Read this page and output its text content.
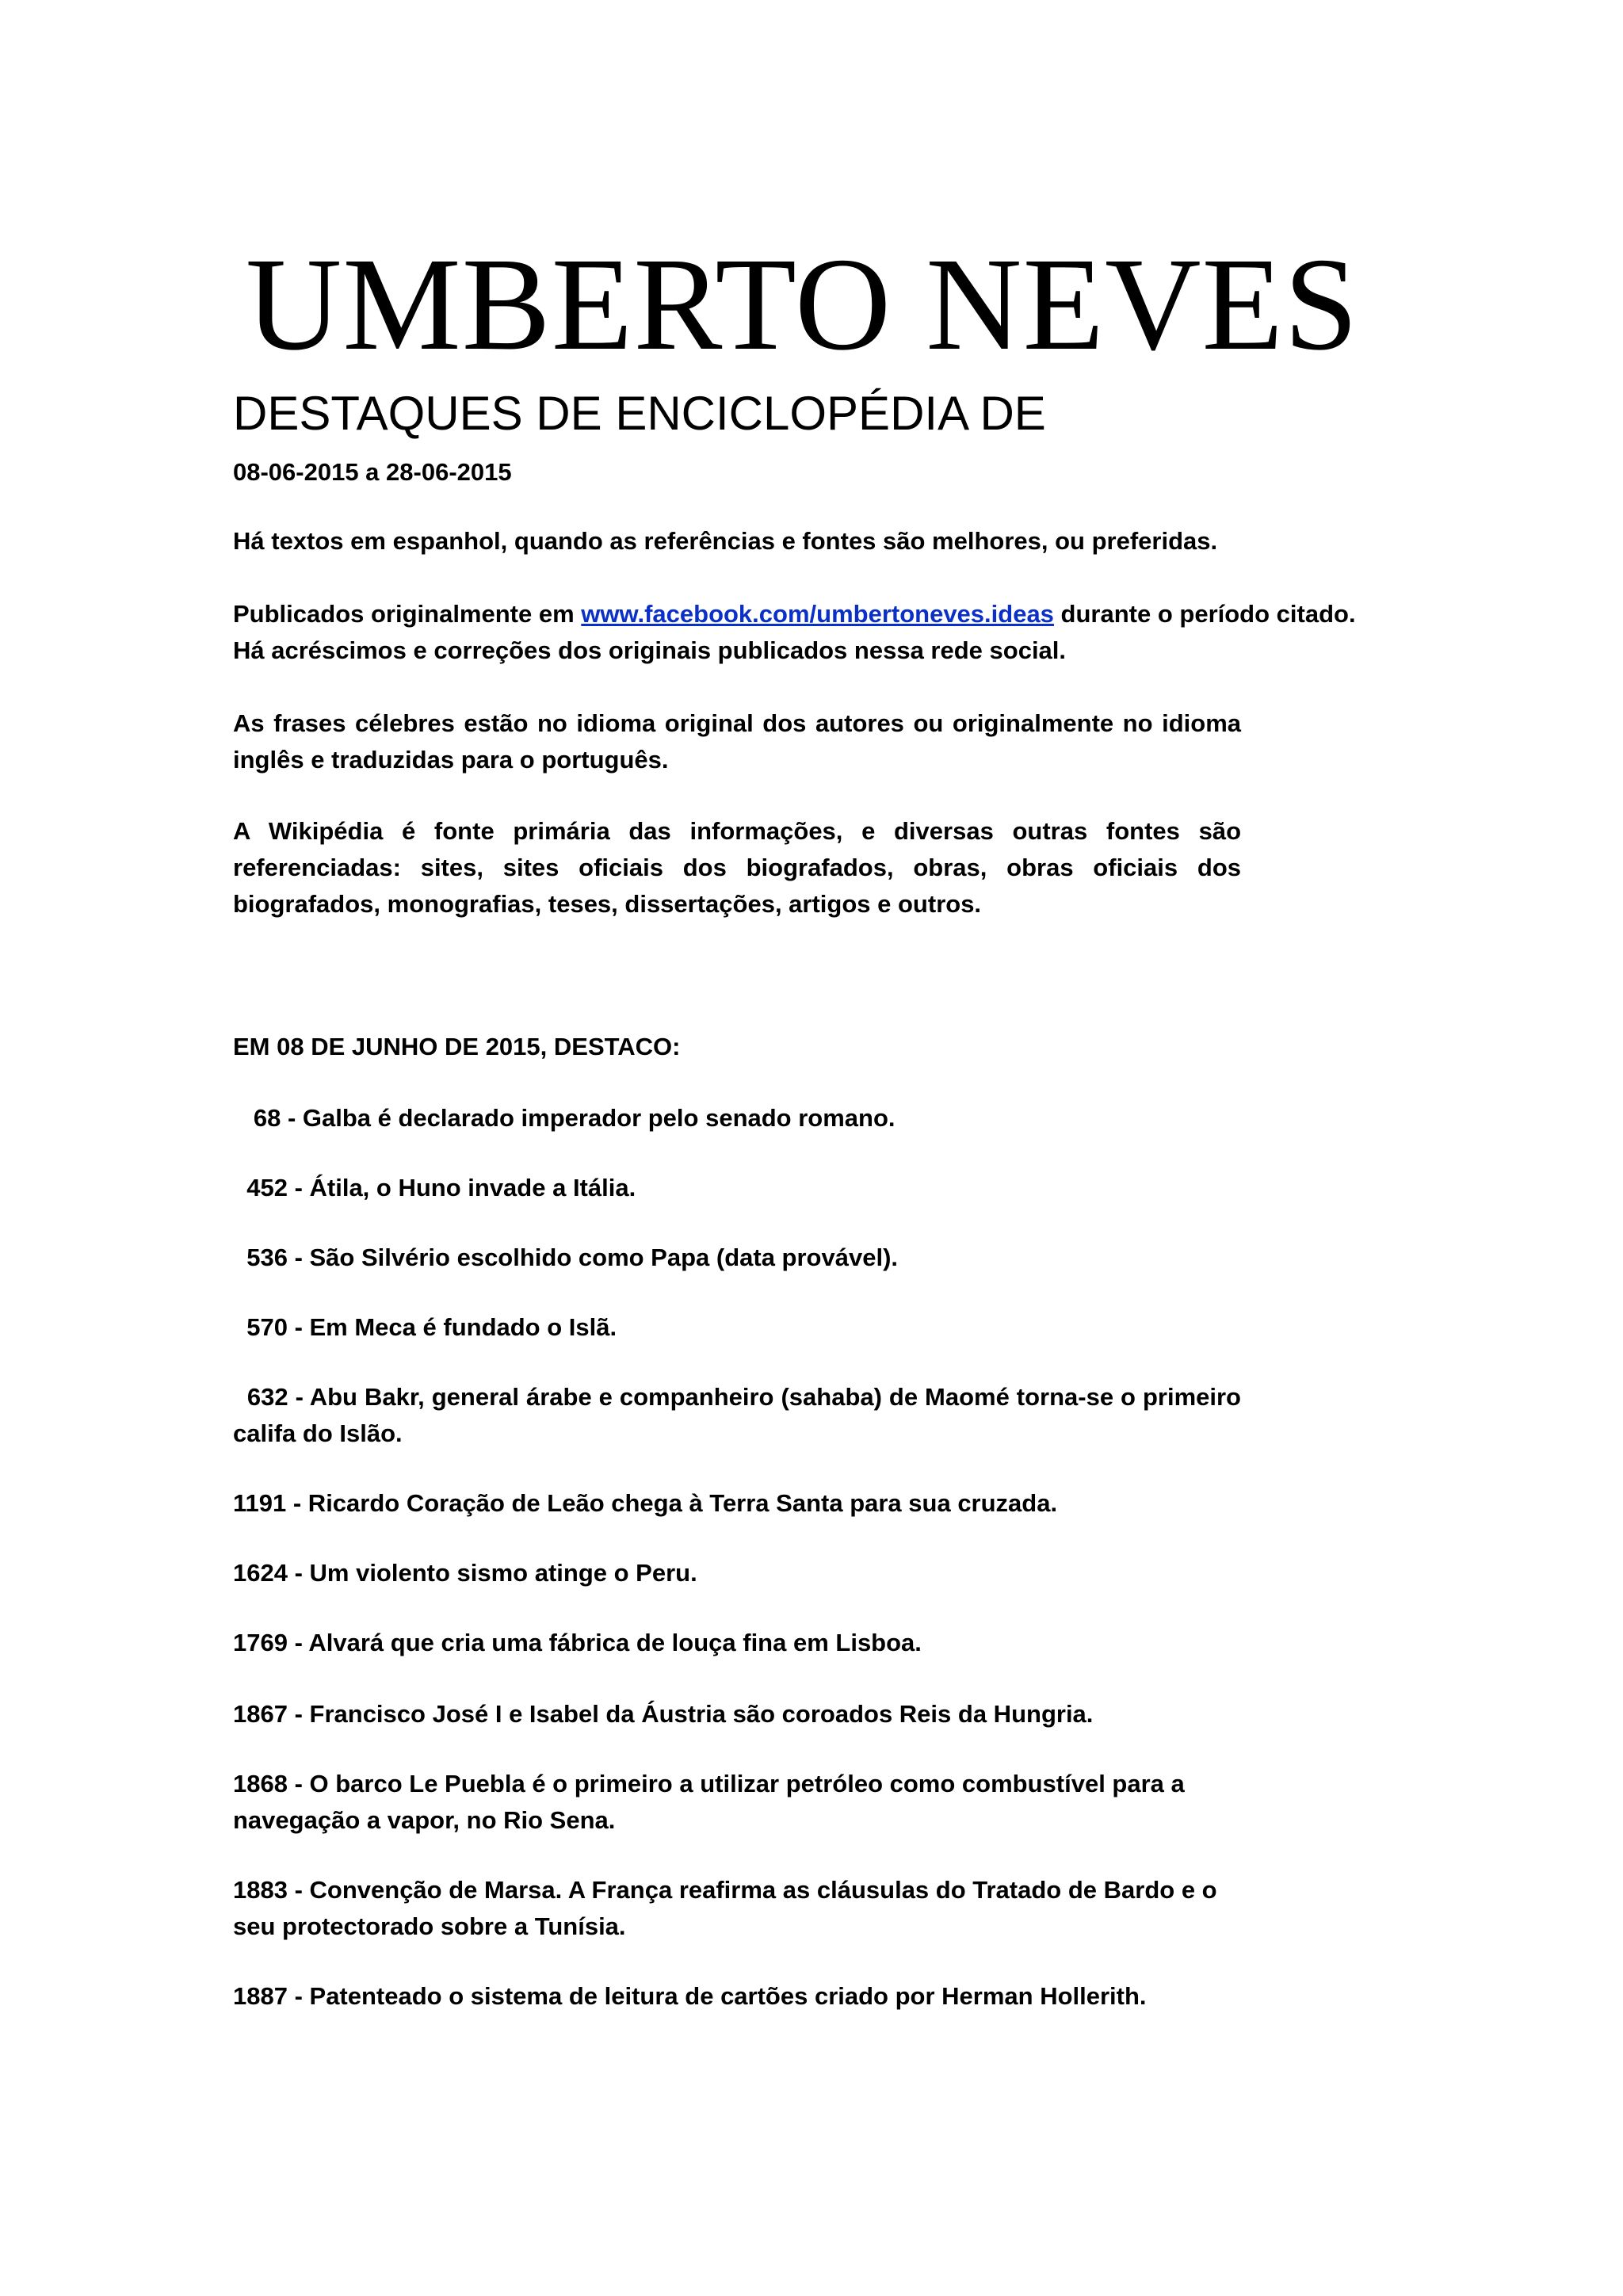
UMBERTO NEVES
DESTAQUES DE ENCICLOPÉDIA DE
08-06-2015 a 28-06-2015

Há textos em espanhol, quando as referências e fontes são melhores, ou preferidas.

Publicados originalmente em www.facebook.com/umbertoneves.ideas durante o período citado. Há acréscimos e correções dos originais publicados nessa rede social.

As frases célebres estão no idioma original dos autores ou originalmente no idioma inglês e traduzidas para o português.

A Wikipédia é fonte primária das informações, e diversas outras fontes são referenciadas: sites, sites oficiais dos biografados, obras, obras oficiais dos biografados, monografias, teses, dissertações, artigos e outros.

EM 08 DE JUNHO DE 2015, DESTACO:

68 - Galba é declarado imperador pelo senado romano.

452 - Átila, o Huno invade a Itália.

536 - São Silvério escolhido como Papa (data provável).

570 - Em Meca é fundado o Islã.

632 - Abu Bakr, general árabe e companheiro (sahaba) de Maomé torna-se o primeiro califa do Islão.

1191 - Ricardo Coração de Leão chega à Terra Santa para sua cruzada.

1624 - Um violento sismo atinge o Peru.

1769 - Alvará que cria uma fábrica de louça fina em Lisboa.

1867 - Francisco José I e Isabel da Áustria são coroados Reis da Hungria.

1868 - O barco Le Puebla é o primeiro a utilizar petróleo como combustível para a navegação a vapor, no Rio Sena.

1883 - Convenção de Marsa. A França reafirma as cláusulas do Tratado de Bardo e o seu protectorado sobre a Tunísia.

1887 - Patenteado o sistema de leitura de cartões criado por Herman Hollerith.
